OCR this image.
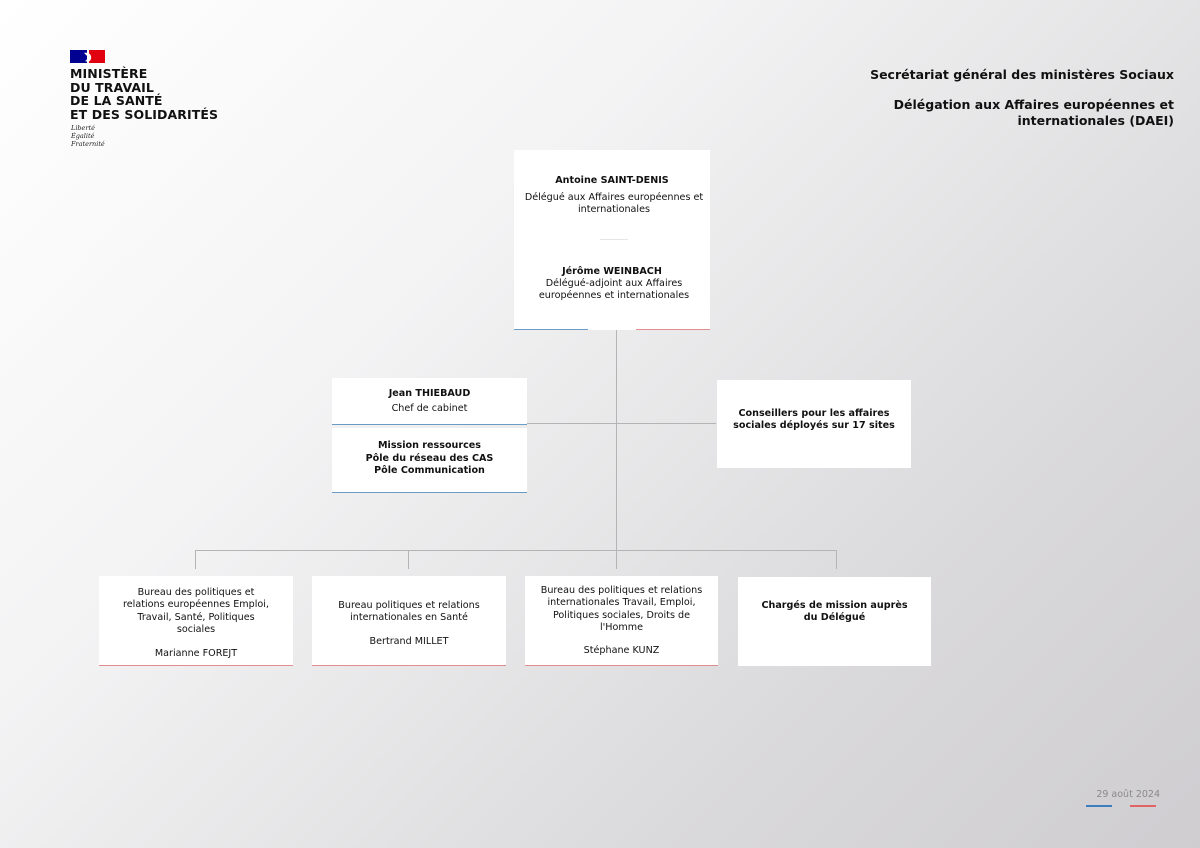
MINISTÈRE
DU TRAVAIL
DE LA SANTÉ
ET DES SOLIDARITÉS
Liberté
Égalité
Fraternité
Secrétariat général des ministères Sociaux
Délégation aux Affaires européennes et internationales (DAEI)
Antoine SAINT-DENIS
Délégué aux Affaires européennes et internationales
Jérôme WEINBACH
Délégué-adjoint aux Affaires européennes et internationales
Jean THIEBAUD
Chef de cabinet
Mission ressources
Pôle du réseau des CAS
Pôle Communication
Conseillers pour les affaires sociales déployés sur 17 sites
Bureau des politiques et relations européennes Emploi, Travail, Santé, Politiques sociales
Marianne FOREJT
Bureau politiques et relations internationales en Santé
Bertrand MILLET
Bureau des politiques et relations internationales Travail, Emploi, Politiques sociales, Droits de l'Homme
Stéphane KUNZ
Chargés de mission auprès du Délégué
29 août 2024
